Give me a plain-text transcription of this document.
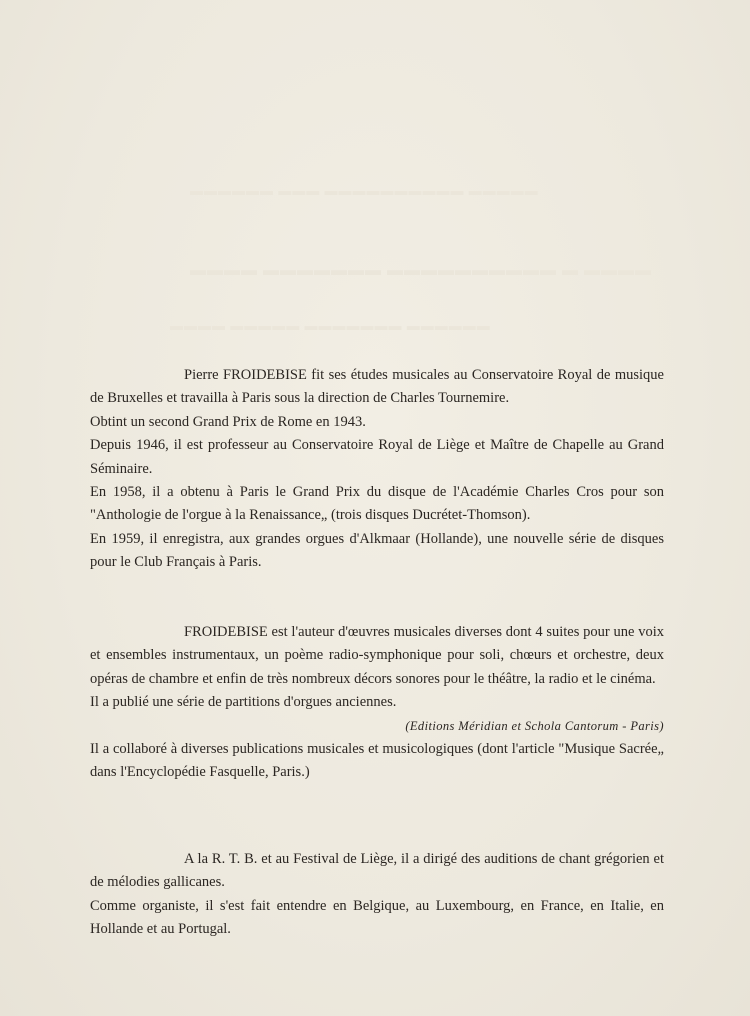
▬▬▬▬▬▬ ▬▬▬ ▬▬▬▬▬▬▬▬▬▬ ▬▬▬▬▬
▬▬▬▬ ▬▬▬▬▬▬▬ ▬▬▬▬▬▬▬▬▬▬ ▬ ▬▬▬▬
▬▬▬▬ ▬▬▬▬▬ ▬▬▬▬▬▬▬ ▬▬▬▬▬▬

Pierre FROIDEBISE fit ses études musicales au Conservatoire Royal de musique de Bruxelles et travailla à Paris sous la direction de Charles Tournemire.

Obtint un second Grand Prix de Rome en 1943.

Depuis 1946, il est professeur au Conservatoire Royal de Liège et Maître de Chapelle au Grand Séminaire.

En 1958, il a obtenu à Paris le Grand Prix du disque de l'Académie Charles Cros pour son "Anthologie de l'orgue à la Renaissance„ (trois disques Ducrétet-Thomson).

En 1959, il enregistra, aux grandes orgues d'Alkmaar (Hollande), une nouvelle série de disques pour le Club Français à Paris.

FROIDEBISE est l'auteur d'œuvres musicales diverses dont 4 suites pour une voix et ensembles instrumentaux, un poème radio-symphonique pour soli, chœurs et orchestre, deux opéras de chambre et enfin de très nombreux décors sonores pour le théâtre, la radio et le cinéma.

Il a publié une série de partitions d'orgues anciennes.

(Editions Méridian et Schola Cantorum - Paris)

Il a collaboré à diverses publications musicales et musicologiques (dont l'article "Musique Sacrée„ dans l'Encyclopédie Fasquelle, Paris.)

A la R. T. B. et au Festival de Liège, il a dirigé des auditions de chant grégorien et de mélodies gallicanes.

Comme organiste, il s'est fait entendre en Belgique, au Luxembourg, en France, en Italie, en Hollande et au Portugal.
